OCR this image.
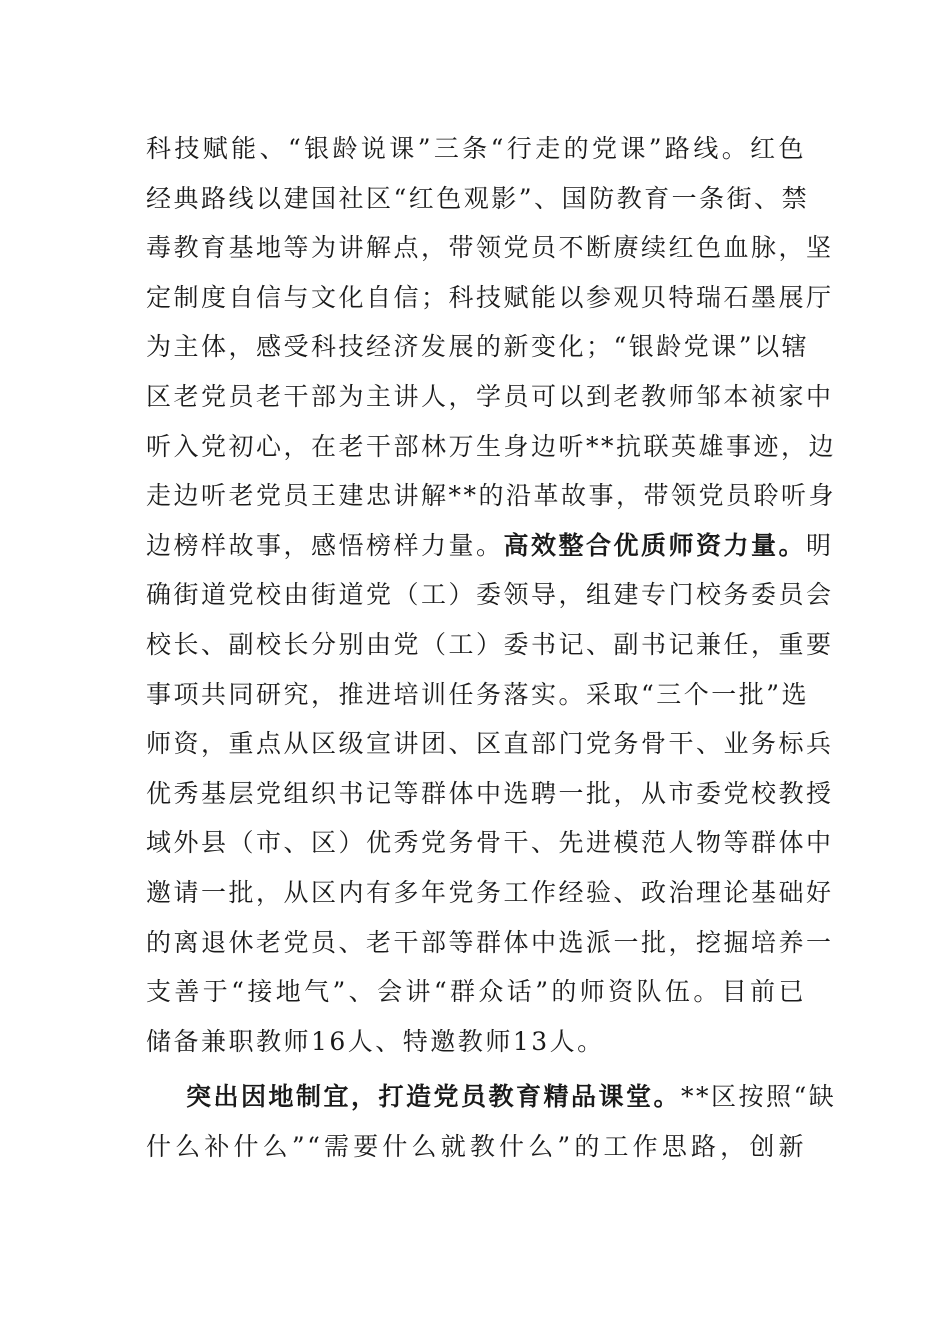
科技赋能、“银龄说课”三条“行走的党课”路线。红色
经典路线以建国社区“红色观影”、国防教育一条街、禁
毒教育基地等为讲解点，带领党员不断赓续红色血脉，坚
定制度自信与文化自信；科技赋能以参观贝特瑞石墨展厅
为主体，感受科技经济发展的新变化；“银龄党课”以辖
区老党员老干部为主讲人，学员可以到老教师邹本祯家中
听入党初心，在老干部林万生身边听**抗联英雄事迹，边
走边听老党员王建忠讲解**的沿革故事，带领党员聆听身
边榜样故事，感悟榜样力量。高效整合优质师资力量。明
确街道党校由街道党（工）委领导，组建专门校务委员会
校长、副校长分别由党（工）委书记、副书记兼任，重要
事项共同研究，推进培训任务落实。采取“三个一批”选
师资，重点从区级宣讲团、区直部门党务骨干、业务标兵
优秀基层党组织书记等群体中选聘一批，从市委党校教授
域外县（市、区）优秀党务骨干、先进模范人物等群体中
邀请一批，从区内有多年党务工作经验、政治理论基础好
的离退休老党员、老干部等群体中选派一批，挖掘培养一
支善于“接地气”、会讲“群众话”的师资队伍。目前已
储备兼职教师16人、特邀教师13人。
突出因地制宜，打造党员教育精品课堂。**区按照“缺
什么补什么”“需要什么就教什么”的工作思路，创新
